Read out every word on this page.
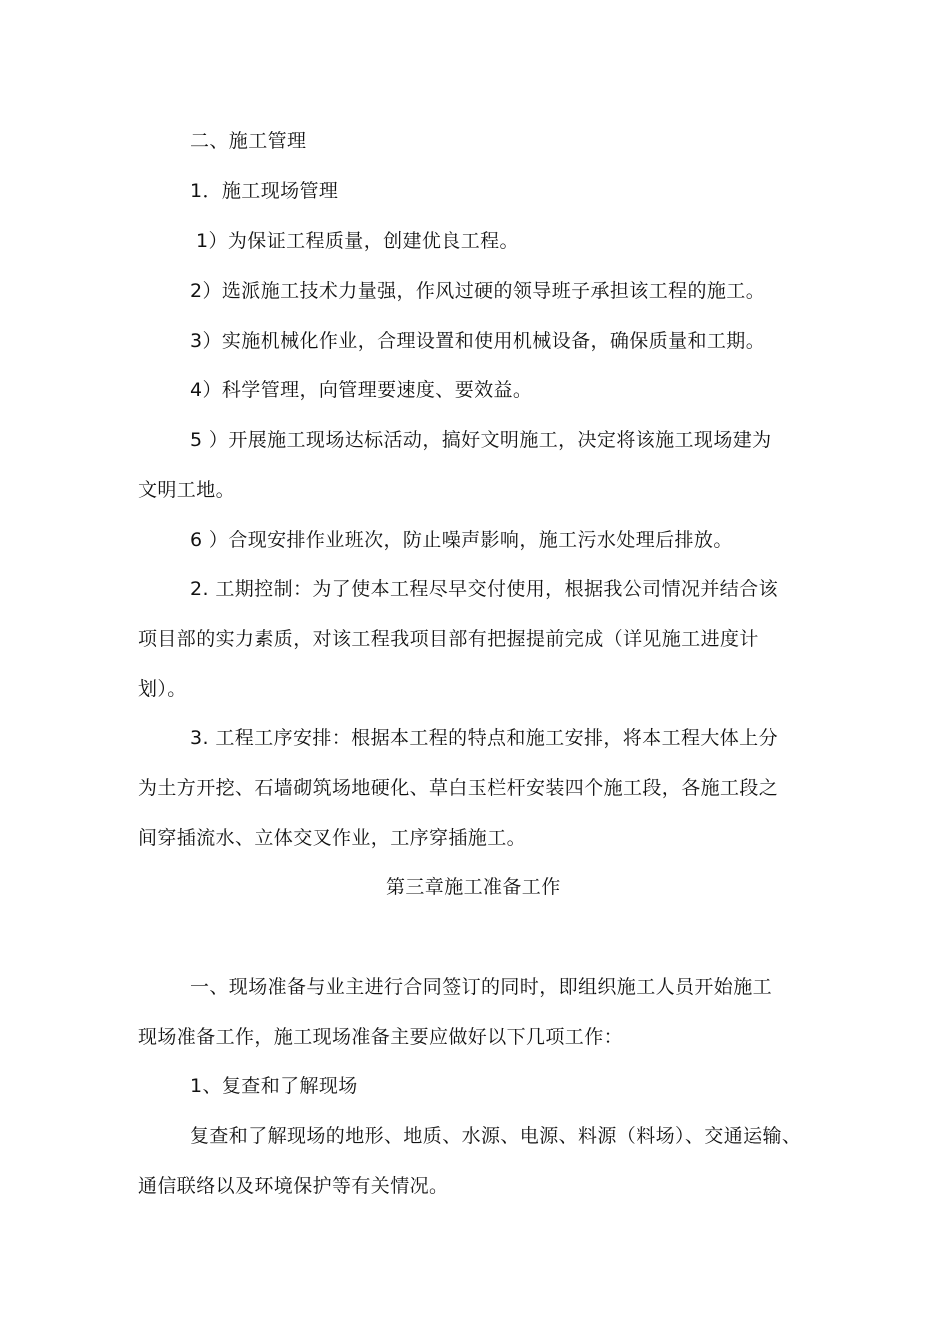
二、施工管理
1．施工现场管理
1）为保证工程质量，创建优良工程。
2）选派施工技术力量强，作风过硬的领导班子承担该工程的施工。
3）实施机械化作业，合理设置和使用机械设备，确保质量和工期。
4）科学管理，向管理要速度、要效益。
5 ）开展施工现场达标活动，搞好文明施工，决定将该施工现场建为
文明工地。
6 ）合现安排作业班次，防止噪声影响，施工污水处理后排放。
2. 工期控制：为了使本工程尽早交付使用，根据我公司情况并结合该
项目部的实力素质，对该工程我项目部有把握提前完成（详见施工进度计
划）。
3. 工程工序安排：根据本工程的特点和施工安排，将本工程大体上分
为土方开挖、石墙砌筑场地硬化、草白玉栏杆安装四个施工段，各施工段之
间穿插流水、立体交叉作业，工序穿插施工。
第三章施工准备工作
一、现场准备与业主进行合同签订的同时，即组织施工人员开始施工
现场准备工作，施工现场准备主要应做好以下几项工作：
1、复查和了解现场
复查和了解现场的地形、地质、水源、电源、料源（料场）、交通运输、
通信联络以及环境保护等有关情况。
